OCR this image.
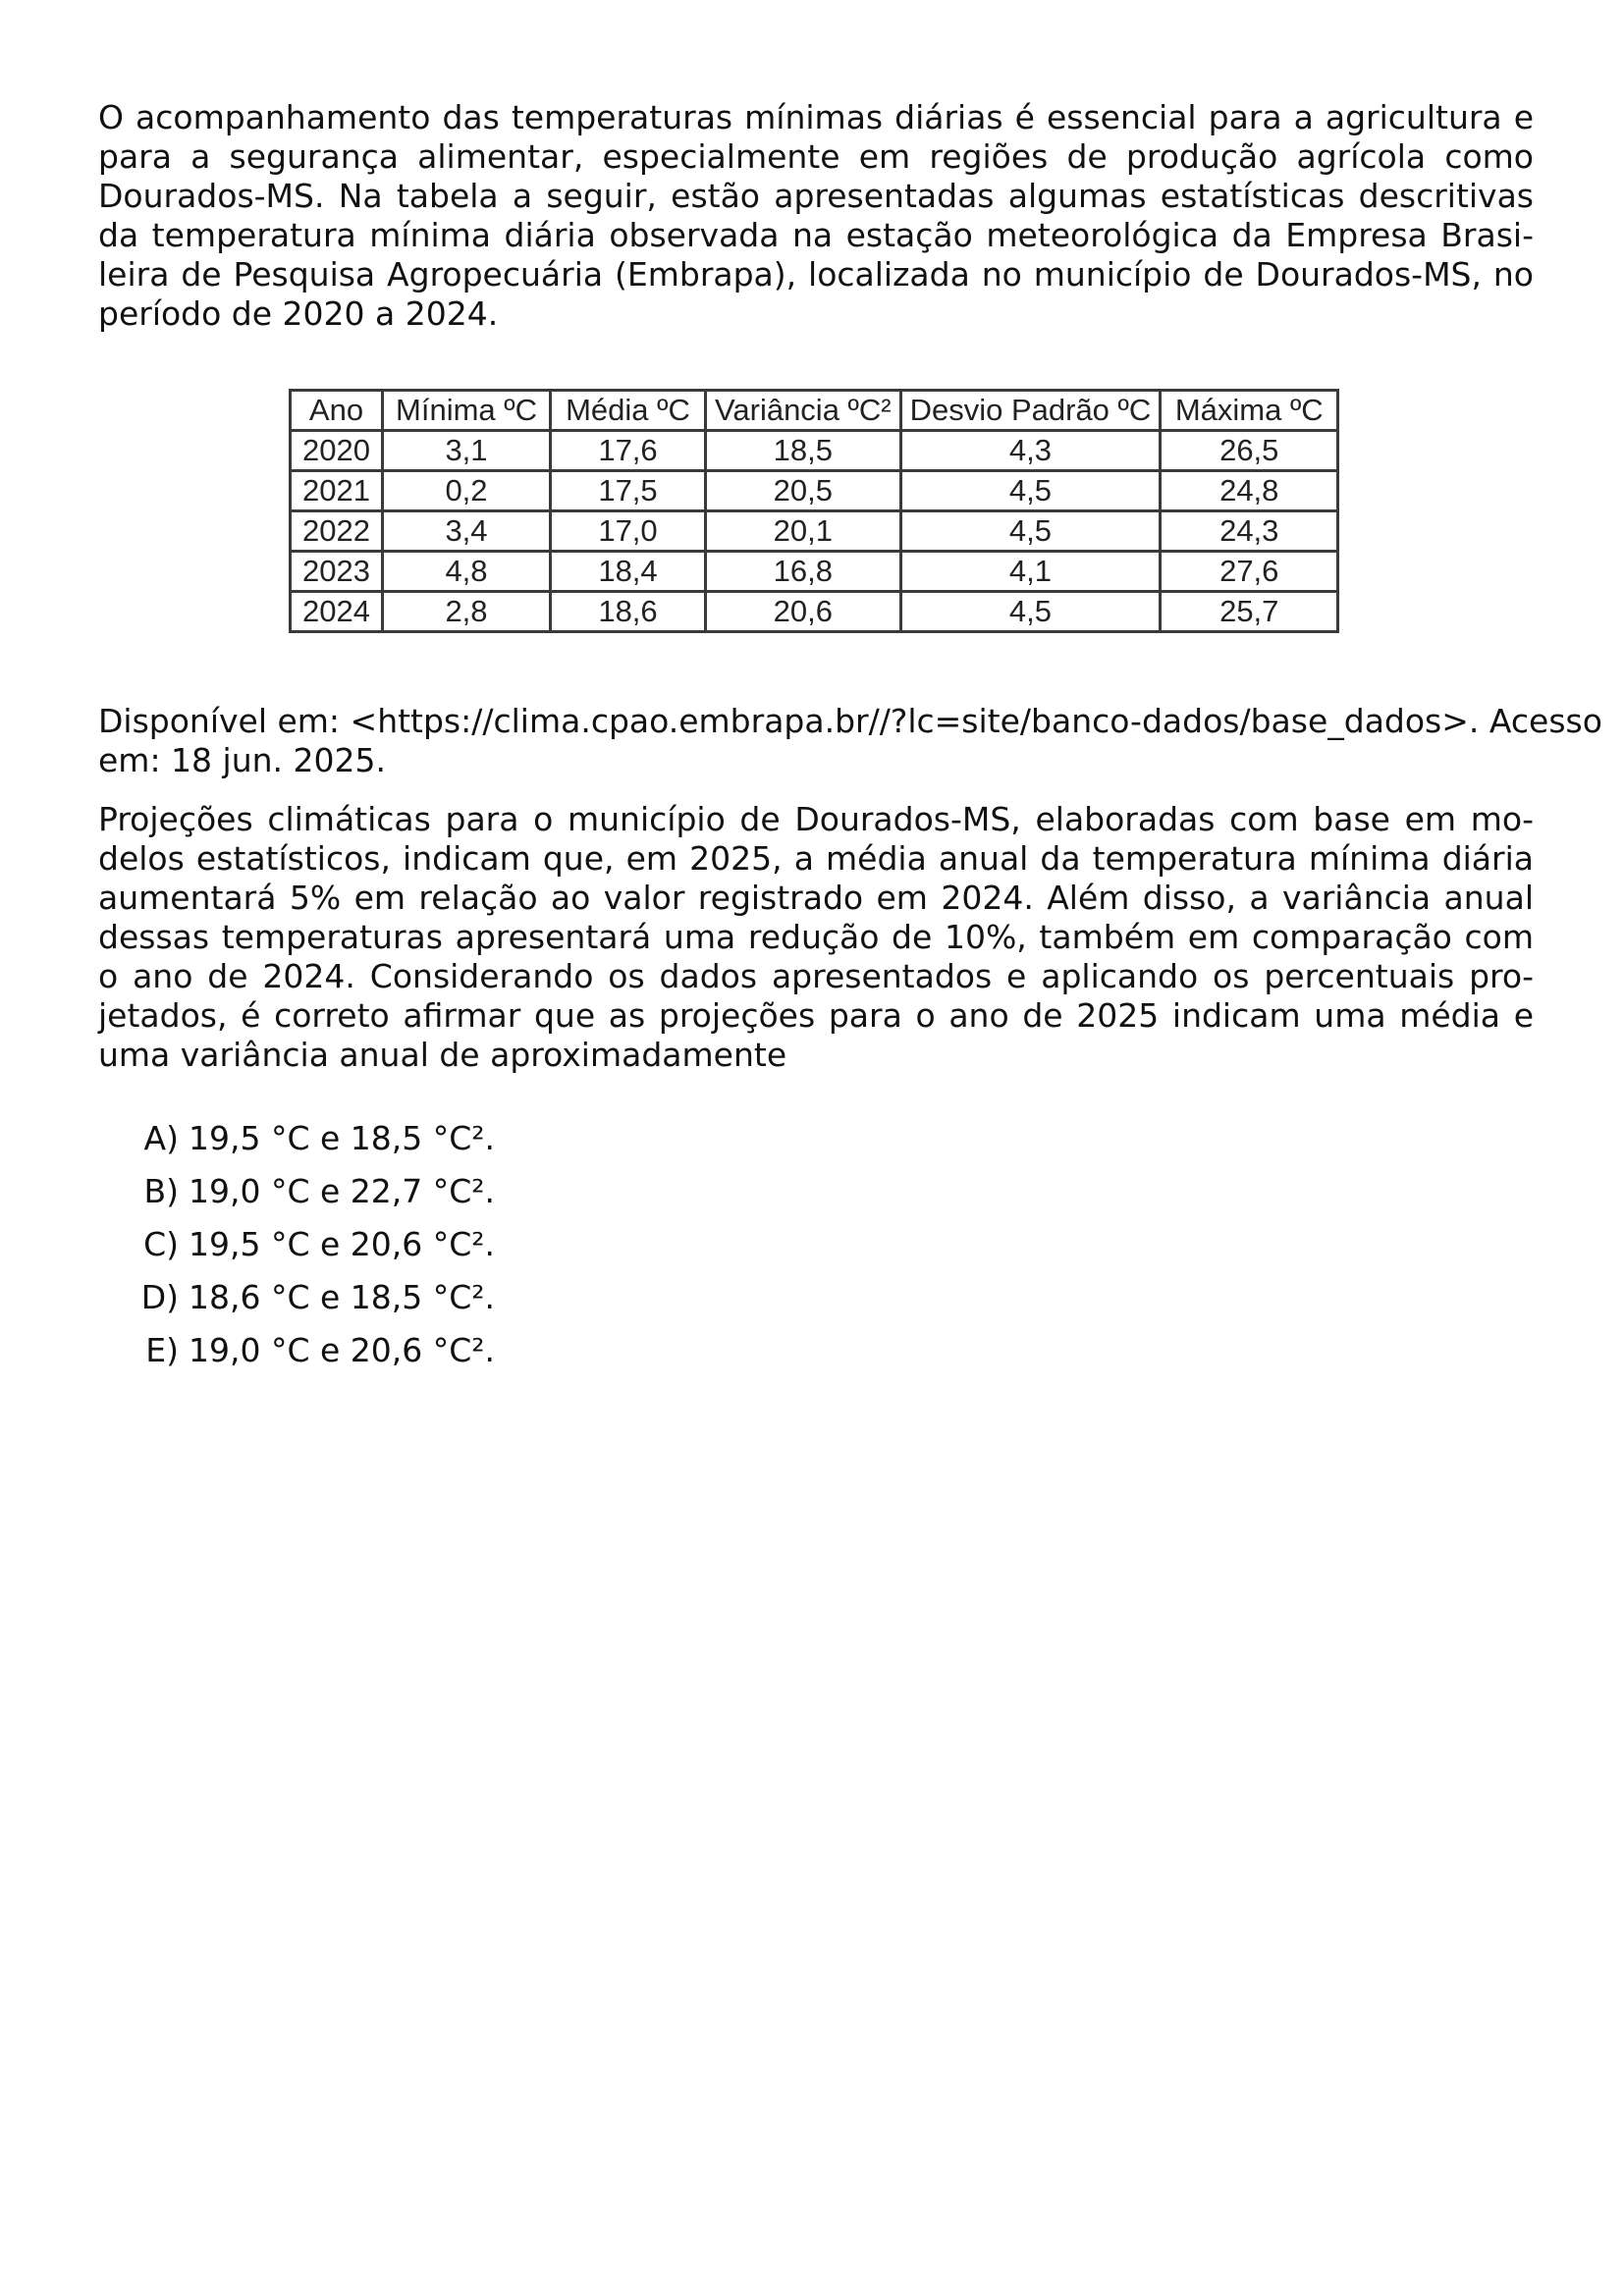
O acompanhamento das temperaturas mínimas diárias é essencial para a agricultura e para a segurança alimentar, especialmente em regiões de produção agrícola como Dourados-MS. Na tabela a seguir, estão apresentadas algumas estatísticas descritivas da temperatura mínima diária observada na estação meteorológica da Empresa Brasileira de Pesquisa Agropecuária (Embrapa), localizada no município de Dourados-MS, no período de 2020 a 2024.

Ano	Mínima ºC	Média ºC	Variância ºC²	Desvio Padrão ºC	Máxima ºC
2020	3,1	17,6	18,5	4,3	26,5
2021	0,2	17,5	20,5	4,5	24,8
2022	3,4	17,0	20,1	4,5	24,3
2023	4,8	18,4	16,8	4,1	27,6
2024	2,8	18,6	20,6	4,5	25,7

Disponível em: <https://clima.cpao.embrapa.br//?lc=site/banco-dados/base_dados>. Acesso em: 18 jun. 2025.

Projeções climáticas para o município de Dourados-MS, elaboradas com base em modelos estatísticos, indicam que, em 2025, a média anual da temperatura mínima diária aumentará 5% em relação ao valor registrado em 2024. Além disso, a variância anual dessas temperaturas apresentará uma redução de 10%, também em comparação com o ano de 2024. Considerando os dados apresentados e aplicando os percentuais projetados, é correto afirmar que as projeções para o ano de 2025 indicam uma média e uma variância anual de aproximadamente

A) 19,5 °C e 18,5 °C².
B) 19,0 °C e 22,7 °C².
C) 19,5 °C e 20,6 °C².
D) 18,6 °C e 18,5 °C².
E) 19,0 °C e 20,6 °C².
